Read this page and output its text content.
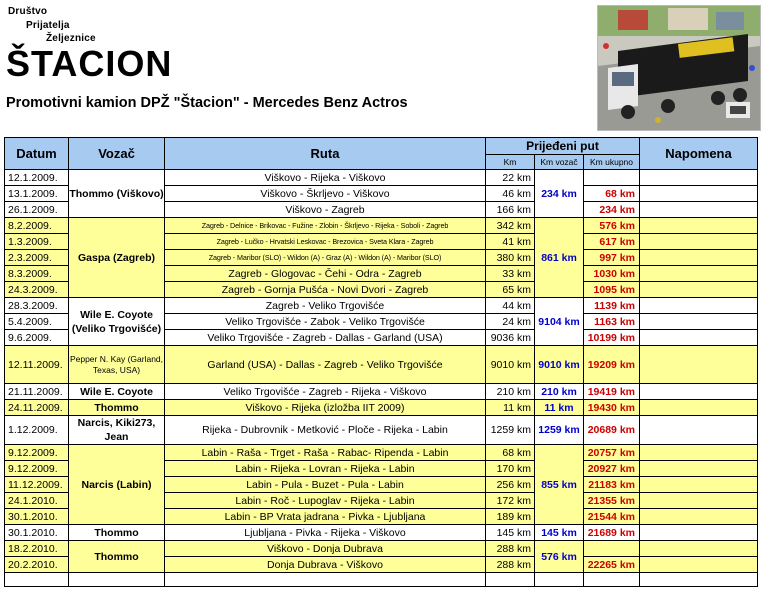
Društvo
Prijatelja
Željeznice
ŠTACION
Promotivni kamion DPŽ "Štacion" - Mercedes Benz Actros
Datum	Vozač	Ruta	Prijeđeni put			Napomena
			Km	Km vozač	Km ukupno	
12.1.2009.	Thommo (Viškovo)	Viškovo - Rijeka - Viškovo	22 km	234 km		
13.1.2009.		Viškovo - Škrljevo - Viškovo	46 km		68 km	
26.1.2009.		Viškovo - Zagreb	166 km		234 km	
8.2.2009.	Gaspa (Zagreb)	Zagreb - Delnice - Brikovac - Fužine - Zlobin - Škrljevo - Rijeka - Soboli - Zagreb	342 km	861 km	576 km	
1.3.2009.		Zagreb - Lučko - Hrvatski Leskovac - Brezovica - Sveta Klara - Zagreb	41 km		617 km	
2.3.2009.		Zagreb - Maribor (SLO) - Wildon (A) - Graz (A) - Wildon (A) - Maribor (SLO)	380 km		997 km	
8.3.2009.		Zagreb - Glogovac - Čehi - Odra - Zagreb	33 km		1030 km	
24.3.2009.		Zagreb - Gornja Pušća - Novi Dvori - Zagreb	65 km		1095 km	
28.3.2009.	Wile E. Coyote (Veliko Trgovišće)	Zagreb - Veliko Trgovišće	44 km	9104 km	1139 km	
5.4.2009.		Veliko Trgovišće - Zabok - Veliko Trgovišće	24 km		1163 km	
9.6.2009.		Veliko Trgovišće - Zagreb - Dallas - Garland (USA)	9036 km		10199 km	
12.11.2009.	Pepper N. Kay (Garland, Texas, USA)	Garland (USA) - Dallas - Zagreb - Veliko Trgovišće	9010 km	9010 km	19209 km	
21.11.2009.	Wile E. Coyote	Veliko Trgovišće - Zagreb - Rijeka - Viškovo	210 km	210 km	19419 km	
24.11.2009.	Thommo	Viškovo - Rijeka (izložba IIT 2009)	11 km	11 km	19430 km	
1.12.2009.	Narcis, Kiki273, Jean	Rijeka - Dubrovnik - Metković - Ploče - Rijeka - Labin	1259 km	1259 km	20689 km	
9.12.2009.	Narcis (Labin)	Labin - Raša - Trget - Raša - Rabac- Ripenda - Labin	68 km	855 km	20757 km	
9.12.2009.		Labin - Rijeka - Lovran - Rijeka - Labin	170 km		20927 km	
11.12.2009.		Labin - Pula - Buzet - Pula - Labin	256 km		21183 km	
24.1.2010.		Labin - Roč - Lupoglav - Rijeka - Labin	172 km		21355 km	
30.1.2010.		Labin - BP Vrata jadrana - Pivka - Ljubljana	189 km		21544 km	
30.1.2010.	Thommo	Ljubljana - Pivka - Rijeka - Viškovo	145 km	145 km	21689 km	
18.2.2010.	Thommo	Viškovo - Donja Dubrava	288 km	576 km		
20.2.2010.		Donja Dubrava - Viškovo	288 km		22265 km	
